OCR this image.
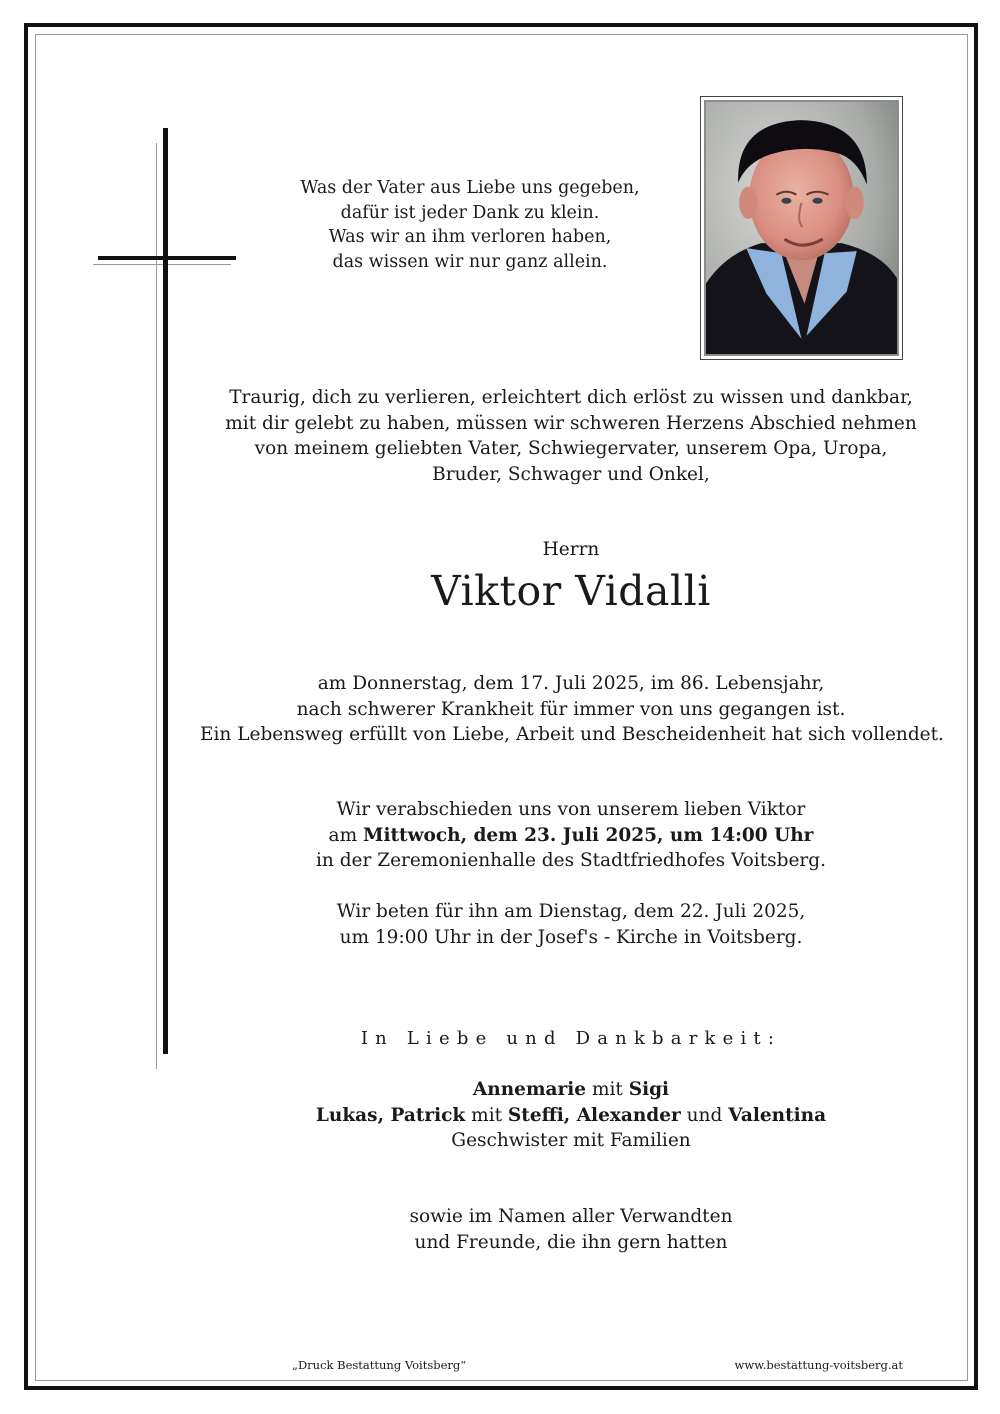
Was der Vater aus Liebe uns gegeben,
dafür ist jeder Dank zu klein.
Was wir an ihm verloren haben,
das wissen wir nur ganz allein.
Traurig, dich zu verlieren, erleichtert dich erlöst zu wissen und dankbar,
mit dir gelebt zu haben, müssen wir schweren Herzens Abschied nehmen
von meinem geliebten Vater, Schwiegervater, unserem Opa, Uropa,
Bruder, Schwager und Onkel,
Herrn
Viktor Vidalli
am Donnerstag, dem 17. Juli 2025, im 86. Lebensjahr,
nach schwerer Krankheit für immer von uns gegangen ist.
Ein Lebensweg erfüllt von Liebe, Arbeit und Bescheidenheit hat sich vollendet.
Wir verabschieden uns von unserem lieben Viktor
am Mittwoch, dem 23. Juli 2025, um 14:00 Uhr
in der Zeremonienhalle des Stadtfriedhofes Voitsberg.
Wir beten für ihn am Dienstag, dem 22. Juli 2025,
um 19:00 Uhr in der Josef's - Kirche in Voitsberg.
In Liebe und Dankbarkeit:
Annemarie mit Sigi
Lukas, Patrick mit Steffi, Alexander und Valentina
Geschwister mit Familien
sowie im Namen aller Verwandten
und Freunde, die ihn gern hatten
„Druck Bestattung Voitsberg“	www.bestattung-voitsberg.at
